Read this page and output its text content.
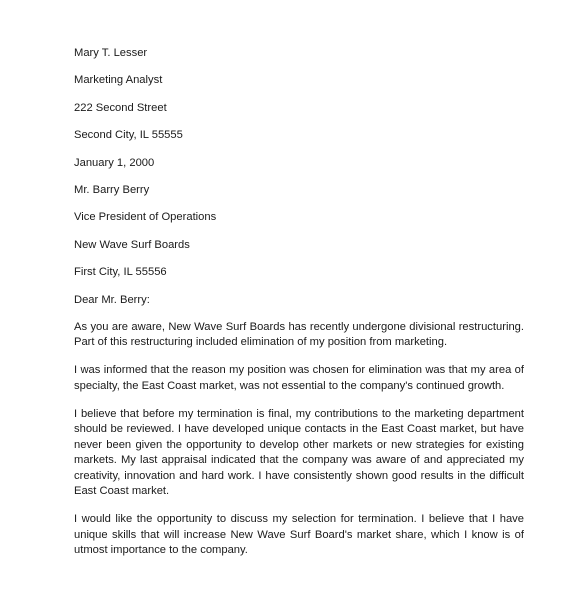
Mary T. Lesser
Marketing Analyst
222 Second Street
Second City, IL 55555
January 1, 2000
Mr. Barry Berry
Vice President of Operations
New Wave Surf Boards
First City, IL 55556
Dear Mr. Berry:

As you are aware, New Wave Surf Boards has recently undergone divisional restructuring. Part of this restructuring included elimination of my position from marketing.

I was informed that the reason my position was chosen for elimination was that my area of specialty, the East Coast market, was not essential to the company's continued growth.

I believe that before my termination is final, my contributions to the marketing department should be reviewed. I have developed unique contacts in the East Coast market, but have never been given the opportunity to develop other markets or new strategies for existing markets. My last appraisal indicated that the company was aware of and appreciated my creativity, innovation and hard work. I have consistently shown good results in the difficult East Coast market.

I would like the opportunity to discuss my selection for termination. I believe that I have unique skills that will increase New Wave Surf Board's market share, which I know is of utmost importance to the company.
